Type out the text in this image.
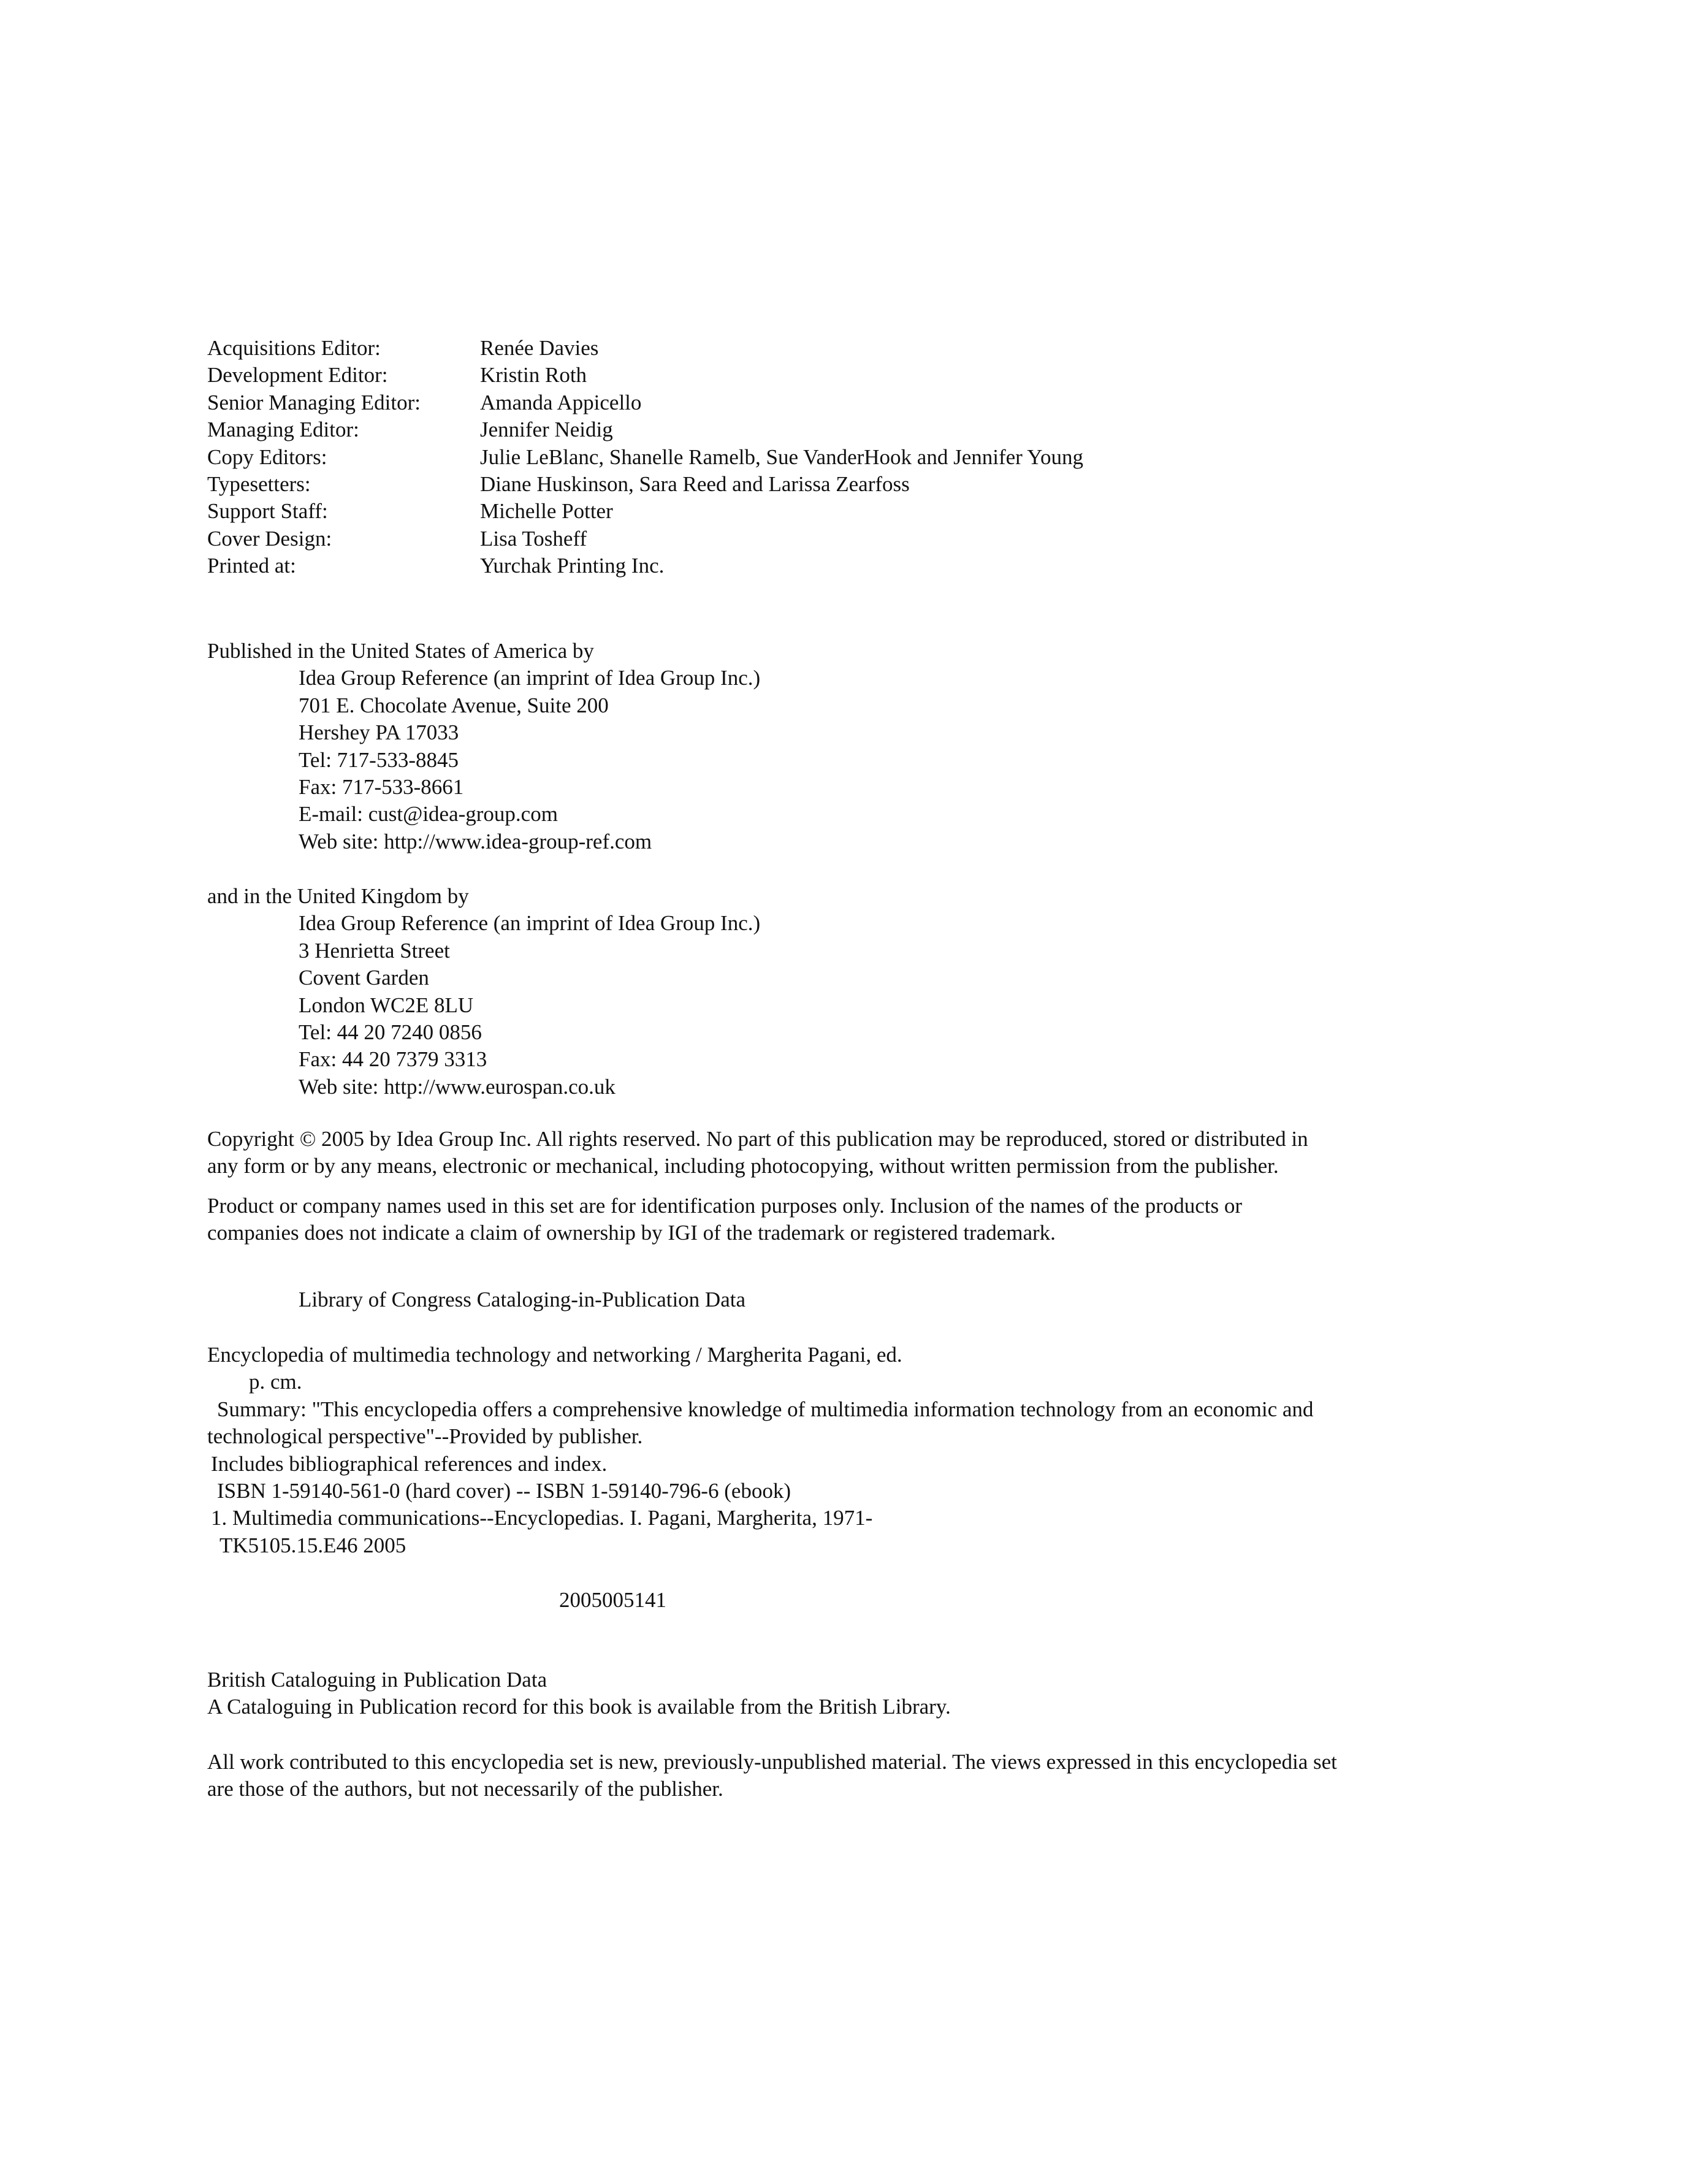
Acquisitions Editor:	Renée Davies
Development Editor:	Kristin Roth
Senior Managing Editor:	Amanda Appicello
Managing Editor:	Jennifer Neidig
Copy Editors:	Julie LeBlanc, Shanelle Ramelb, Sue VanderHook and Jennifer Young
Typesetters:	Diane Huskinson, Sara Reed and Larissa Zearfoss
Support Staff:	Michelle Potter
Cover Design:	Lisa Tosheff
Printed at:	Yurchak Printing Inc.
Published in the United States of America by
Idea Group Reference (an imprint of Idea Group Inc.)
701 E. Chocolate Avenue, Suite 200
Hershey PA 17033
Tel: 717-533-8845
Fax: 717-533-8661
E-mail: cust@idea-group.com
Web site: http://www.idea-group-ref.com
and in the United Kingdom by
Idea Group Reference (an imprint of Idea Group Inc.)
3 Henrietta Street
Covent Garden
London WC2E 8LU
Tel: 44 20 7240 0856
Fax: 44 20 7379 3313
Web site: http://www.eurospan.co.uk
Copyright © 2005 by Idea Group Inc. All rights reserved. No part of this publication may be reproduced, stored or distributed in
any form or by any means, electronic or mechanical, including photocopying, without written permission from the publisher.
Product or company names used in this set are for identification purposes only. Inclusion of the names of the products or
companies does not indicate a claim of ownership by IGI of the trademark or registered trademark.
Library of Congress Cataloging-in-Publication Data
Encyclopedia of multimedia technology and networking / Margherita Pagani, ed.
p. cm.
Summary: "This encyclopedia offers a comprehensive knowledge of multimedia information technology from an economic and
technological perspective"--Provided by publisher.
Includes bibliographical references and index.
ISBN 1-59140-561-0 (hard cover) -- ISBN 1-59140-796-6 (ebook)
1. Multimedia communications--Encyclopedias. I. Pagani, Margherita, 1971-
TK5105.15.E46 2005
2005005141
British Cataloguing in Publication Data
A Cataloguing in Publication record for this book is available from the British Library.
All work contributed to this encyclopedia set is new, previously-unpublished material. The views expressed in this encyclopedia set
are those of the authors, but not necessarily of the publisher.
